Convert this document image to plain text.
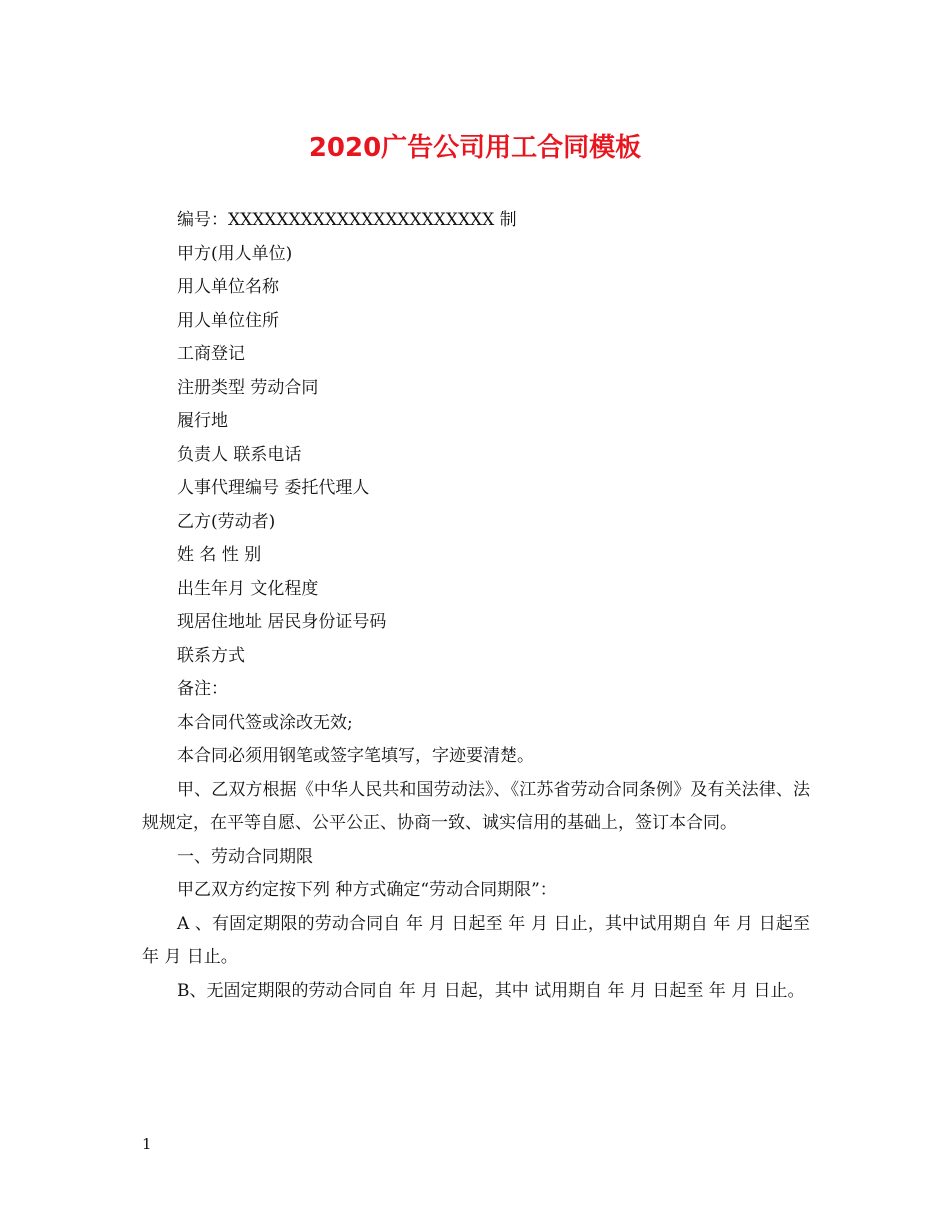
2020广告公司用工合同模板
编号：XXXXXXXXXXXXXXXXXXXXXX 制
甲方(用人单位)
用人单位名称
用人单位住所
工商登记
注册类型 劳动合同
履行地
负责人 联系电话
人事代理编号 委托代理人
乙方(劳动者)
姓 名 性 别
出生年月 文化程度
现居住地址 居民身份证号码
联系方式
备注：
本合同代签或涂改无效;
本合同必须用钢笔或签字笔填写，字迹要清楚。
甲、乙双方根据《中华人民共和国劳动法》、《江苏省劳动合同条例》及有关法律、法规规定，在平等自愿、公平公正、协商一致、诚实信用的基础上，签订本合同。
一、劳动合同期限
甲乙双方约定按下列 种方式确定“劳动合同期限”：
A 、有固定期限的劳动合同自 年 月 日起至 年 月 日止，其中试用期自 年 月 日起至 年 月 日止。
B、无固定期限的劳动合同自 年 月 日起，其中 试用期自 年 月 日起至 年 月 日止。
1
